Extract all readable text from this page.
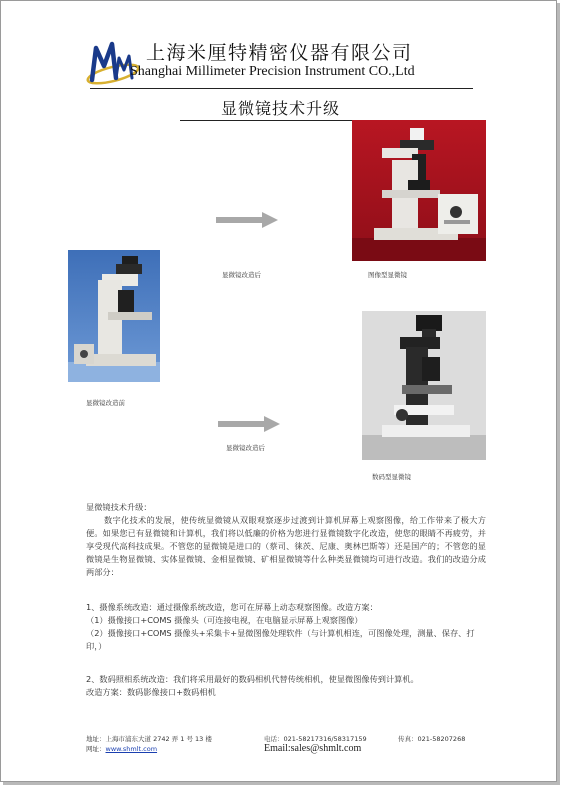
上海米厘特精密仪器有限公司
Shanghai Millimeter Precision Instrument CO.,Ltd
显微镜技术升级
显微镜改造后	图像型显微镜
显微镜改造前
显微镜改造后
数码型显微镜
显微镜技术升级：
数字化技术的发展，使传统显微镜从双眼观察逐步过渡到计算机屏幕上观察图像，给工作带来了极大方便。如果您已有显微镜和计算机，我们将以低廉的价格为您进行显微镜数字化改造，使您的眼睛不再疲劳，并享受现代高科技成果。不管您的显微镜是进口的（蔡司、徕茨、尼康、奥林巴斯等）还是国产的；不管您的显微镜是生物显微镜、实体显微镜、金相显微镜、矿相显微镜等什么种类显微镜均可进行改造。我们的改造分成两部分：

1、摄像系统改造：通过摄像系统改造，您可在屏幕上动态观察图像。改造方案：

（1）摄像接口+COMS 摄像头（可连接电视，在电脑显示屏幕上观察图像）

（2）摄像接口+COMS 摄像头+采集卡+显微图像处理软件（与计算机相连，可图像处理，测量、保存、打印，）

2、数码照相系统改造：我们将采用最好的数码相机代替传统相机，使显微图像传到计算机。

改造方案：数码影像接口+数码相机

地址：上海市浦东大道 2742 弄 1 号 13 楼	电话：021-58217316/58317159	传真：021-58207268
网址：www.shmlt.com	Email:sales@shmlt.com
